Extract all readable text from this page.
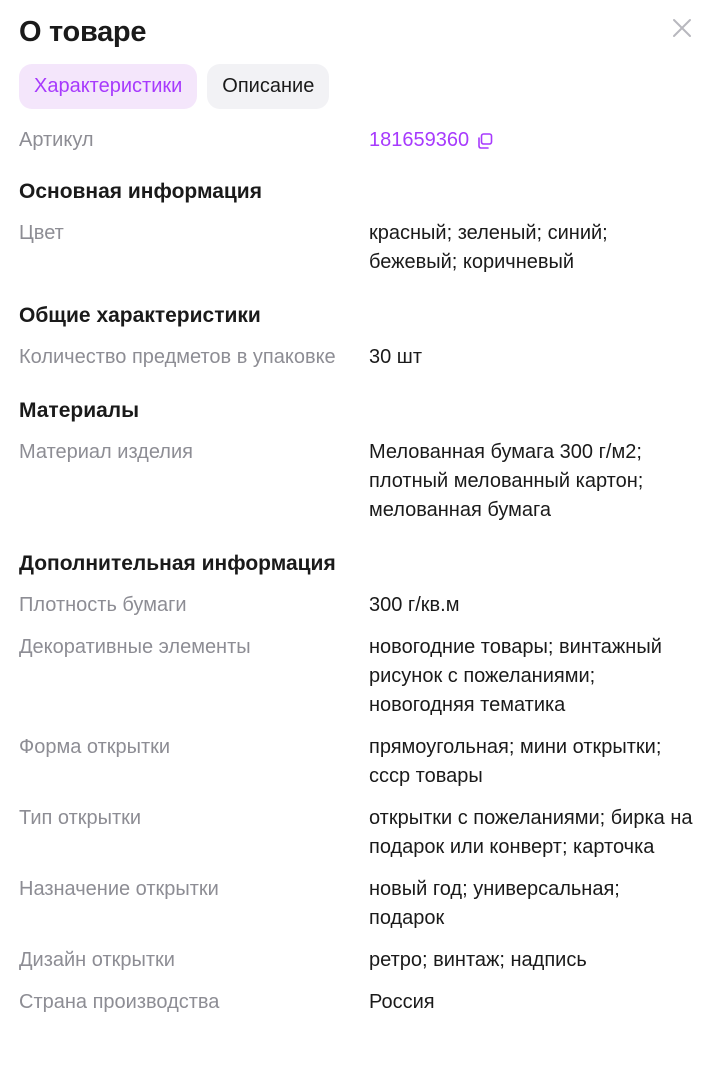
О товаре
Характеристики	Описание
Артикул	181659360
Основная информация
Цвет	красный; зеленый; синий; бежевый; коричневый
Общие характеристики
Количество предметов в упаковке	30 шт
Материалы
Материал изделия	Мелованная бумага 300 г/м2; плотный мелованный картон; мелованная бумага
Дополнительная информация
Плотность бумаги	300 г/кв.м
Декоративные элементы	новогодние товары; винтажный рисунок с пожеланиями; новогодняя тематика
Форма открытки	прямоугольная; мини открытки; ссср товары
Тип открытки	открытки с пожеланиями; бирка на подарок или конверт; карточка
Назначение открытки	новый год; универсальная; подарок
Дизайн открытки	ретро; винтаж; надпись
Страна производства	Россия
